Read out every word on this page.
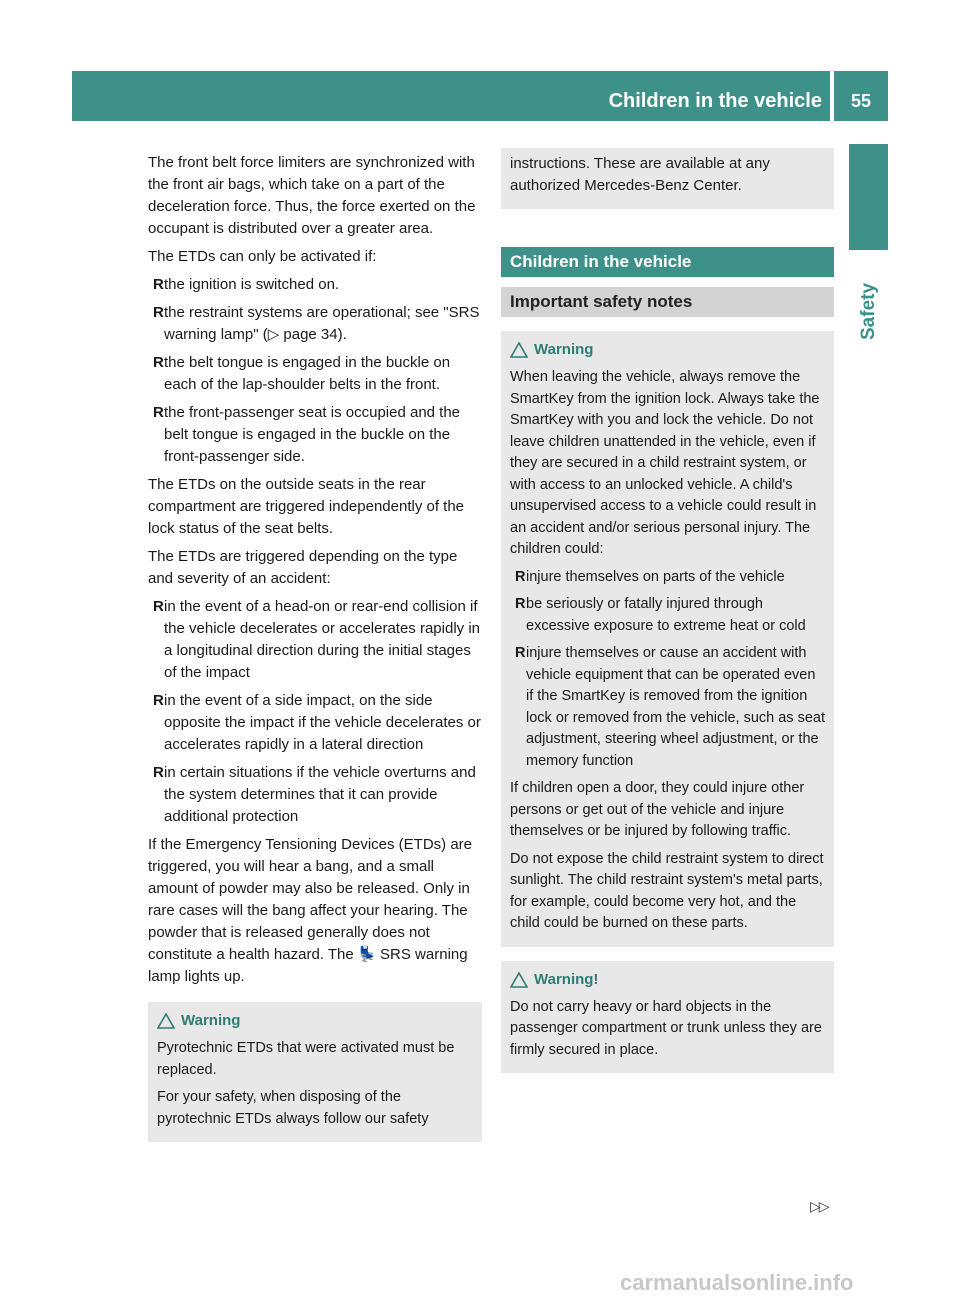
Children in the vehicle	55
Safety

The front belt force limiters are synchronized with the front air bags, which take on a part of the deceleration force. Thus, the force exerted on the occupant is distributed over a greater area.

The ETDs can only be activated if:

R the ignition is switched on.
R the restraint systems are operational; see "SRS warning lamp" (▷ page 34).
R the belt tongue is engaged in the buckle on each of the lap-shoulder belts in the front.
R the front-passenger seat is occupied and the belt tongue is engaged in the buckle on the front-passenger side.

The ETDs on the outside seats in the rear compartment are triggered independently of the lock status of the seat belts.

The ETDs are triggered depending on the type and severity of an accident:

R in the event of a head-on or rear-end collision if the vehicle decelerates or accelerates rapidly in a longitudinal direction during the initial stages of the impact
R in the event of a side impact, on the side opposite the impact if the vehicle decelerates or accelerates rapidly in a lateral direction
R in certain situations if the vehicle overturns and the system determines that it can provide additional protection

If the Emergency Tensioning Devices (ETDs) are triggered, you will hear a bang, and a small amount of powder may also be released. Only in rare cases will the bang affect your hearing. The powder that is released generally does not constitute a health hazard. The 💺 SRS warning lamp lights up.

Warning

Pyrotechnic ETDs that were activated must be replaced.

For your safety, when disposing of the pyrotechnic ETDs always follow our safety

instructions. These are available at any authorized Mercedes-Benz Center.

Children in the vehicle
Important safety notes
Warning

When leaving the vehicle, always remove the SmartKey from the ignition lock. Always take the SmartKey with you and lock the vehicle. Do not leave children unattended in the vehicle, even if they are secured in a child restraint system, or with access to an unlocked vehicle. A child's unsupervised access to a vehicle could result in an accident and/or serious personal injury. The children could:

R injure themselves on parts of the vehicle
R be seriously or fatally injured through excessive exposure to extreme heat or cold
R injure themselves or cause an accident with vehicle equipment that can be operated even if the SmartKey is removed from the ignition lock or removed from the vehicle, such as seat adjustment, steering wheel adjustment, or the memory function

If children open a door, they could injure other persons or get out of the vehicle and injure themselves or be injured by following traffic.

Do not expose the child restraint system to direct sunlight. The child restraint system's metal parts, for example, could become very hot, and the child could be burned on these parts.

Warning!

Do not carry heavy or hard objects in the passenger compartment or trunk unless they are firmly secured in place.

▷▷
carmanualsonline.info
